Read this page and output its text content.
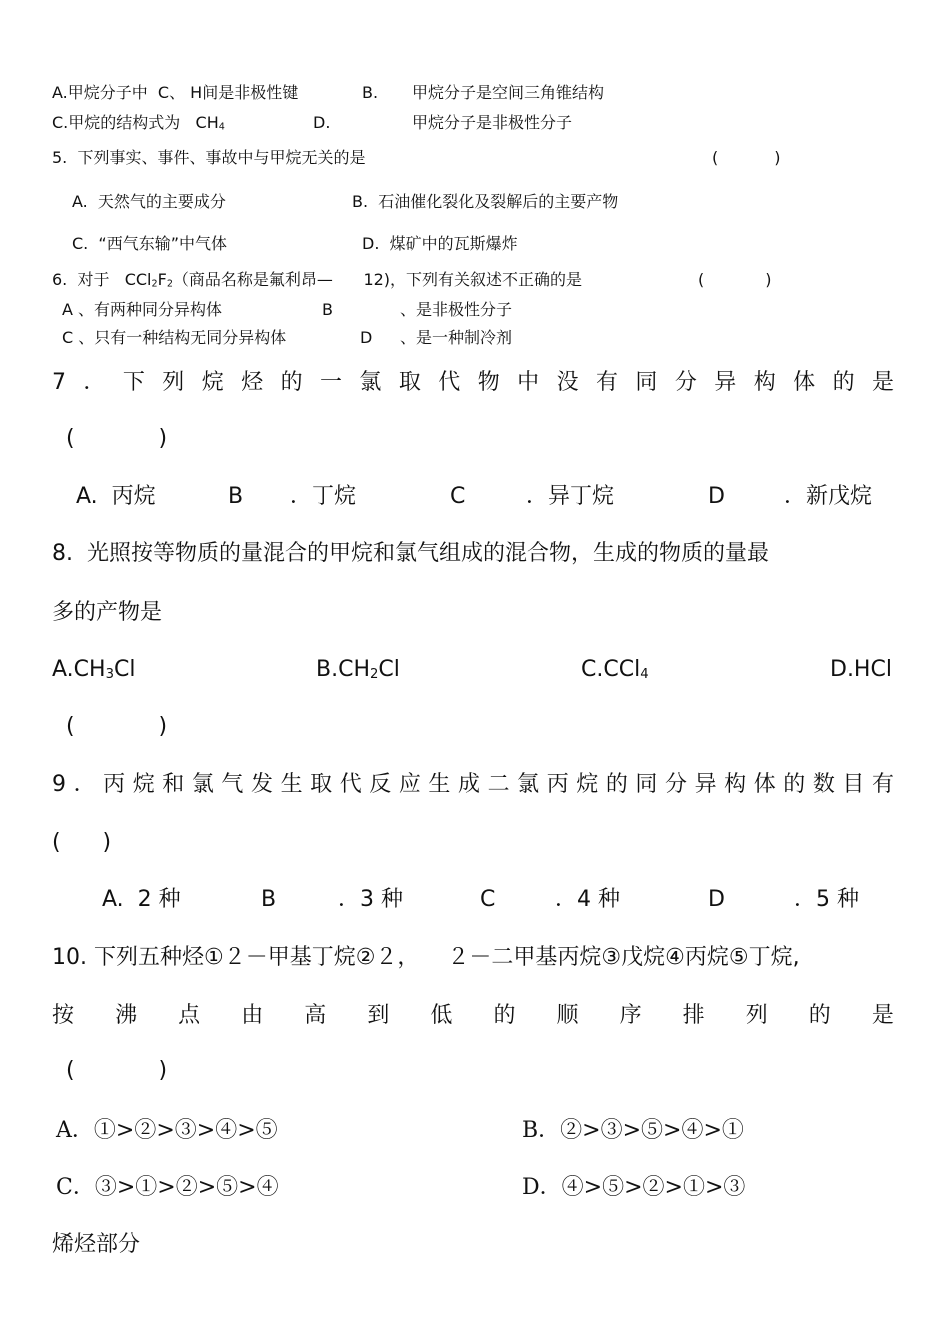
A.甲烷分子中  C、 H间是非极性键	B. 甲烷分子是空间三角锥结构
C.甲烷的结构式为   $CH_4$	D.	甲烷分子是非极性分子
5.  下列事实、事件、事故中与甲烷无关的是	(           )
A.  天然气的主要成分	B.  石油催化裂化及裂解后的主要产物
C.  “西气东输”中气体	D.  煤矿中的瓦斯爆炸
6.  对于   $CCl_2F_2$（商品名称是氟利昂—      12)，下列有关叙述不正确的是	(            )
A 、有两种同分异构体	B	、是非极性分子
C 、只有一种结构无同分异构体	D 、是一种制冷剂
7．下列烷烃的一氯取代物中没有同分异构体的是
(            )
A.  丙烷	B ．丁烷	C	．异丁烷	D	．新戊烷
8.  光照按等物质的量混合的甲烷和氯气组成的混合物，生成的物质的量最
多的产物是
$A.CH_3Cl$	$B.CH_2Cl$	C.CCl$_4$	D.HCl
(            )
9．丙烷和氯气发生取代反应生成二氯丙烷的同分异构体的数目有
(      )
A.  2 种	B	．3 种	C	．4 种	D	．5 种
10. 下列五种烃①２－甲基丁烷②２，    ２－二甲基丙烷③戊烷④丙烷⑤丁烷,
按 沸 点 由 高 到 低 的 顺 序 排 列 的 是
(            )
A．①>②>③>④>⑤	B．②>③>⑤>④>①
C．③>①>②>⑤>④	D．④>⑤>②>①>③
烯烃部分
